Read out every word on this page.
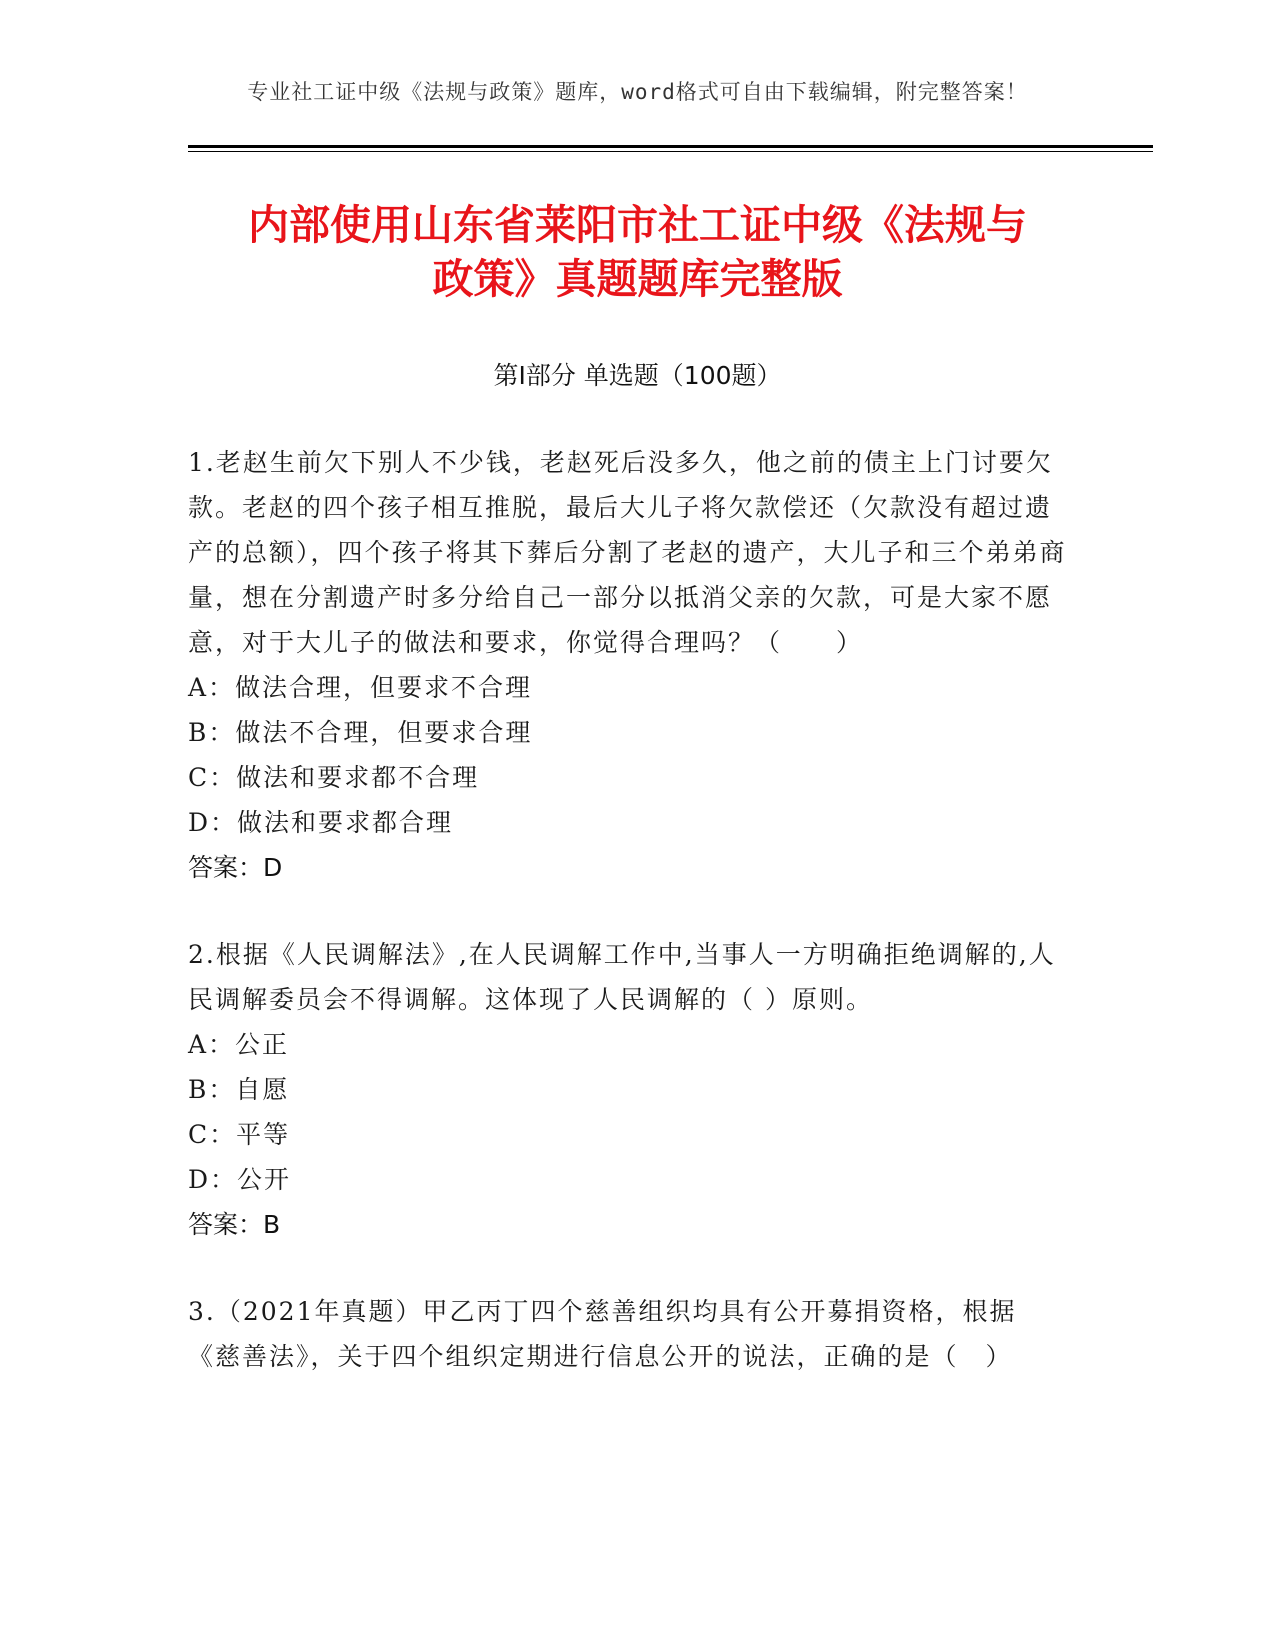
专业社工证中级《法规与政策》题库，word格式可自由下载编辑，附完整答案！
内部使用山东省莱阳市社工证中级《法规与
政策》真题题库完整版
第Ⅰ部分 单选题（100题）

1.老赵生前欠下别人不少钱，老赵死后没多久，他之前的债主上门讨要欠款。老赵的四个孩子相互推脱，最后大儿子将欠款偿还（欠款没有超过遗产的总额），四个孩子将其下葬后分割了老赵的遗产，大儿子和三个弟弟商量，想在分割遗产时多分给自己一部分以抵消父亲的欠款，可是大家不愿意，对于大儿子的做法和要求，你觉得合理吗？（　　）

A：做法合理，但要求不合理

B：做法不合理，但要求合理

C：做法和要求都不合理

D：做法和要求都合理

答案：D

2.根据《人民调解法》,在人民调解工作中,当事人一方明确拒绝调解的,人民调解委员会不得调解。这体现了人民调解的（ ）原则。

A：公正

B：自愿

C：平等

D：公开

答案：B

3.（2021年真题）甲乙丙丁四个慈善组织均具有公开募捐资格，根据《慈善法》，关于四个组织定期进行信息公开的说法，正确的是（　）
